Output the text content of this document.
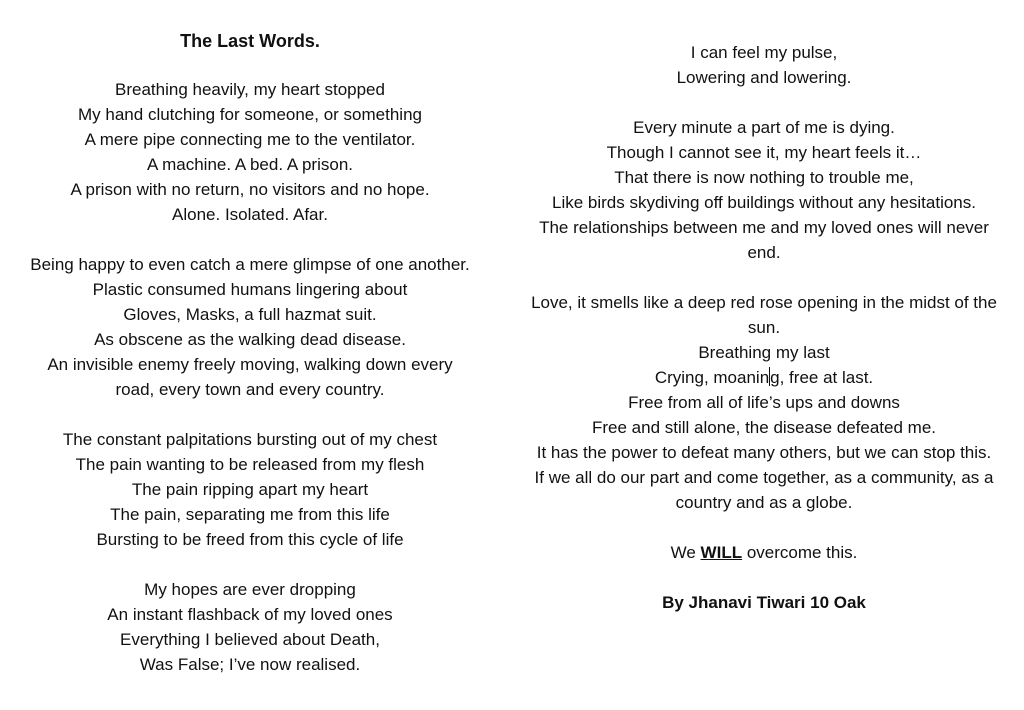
The Last Words.
Breathing heavily, my heart stopped
My hand clutching for someone, or something
A mere pipe connecting me to the ventilator.
A machine. A bed. A prison.
A prison with no return, no visitors and no hope.
Alone. Isolated. Afar.
Being happy to even catch a mere glimpse of one another.
Plastic consumed humans lingering about
Gloves, Masks, a full hazmat suit.
As obscene as the walking dead disease.
An invisible enemy freely moving, walking down every road, every town and every country.
The constant palpitations bursting out of my chest
The pain wanting to be released from my flesh
The pain ripping apart my heart
The pain, separating me from this life
Bursting to be freed from this cycle of life
My hopes are ever dropping
An instant flashback of my loved ones
Everything I believed about Death,
Was False; I’ve now realised.
I can feel my pulse,
Lowering and lowering.
Every minute a part of me is dying.
Though I cannot see it, my heart feels it…
That there is now nothing to trouble me,
Like birds skydiving off buildings without any hesitations.
The relationships between me and my loved ones will never end.
Love, it smells like a deep red rose opening in the midst of the sun.
Breathing my last
Crying, moaning, free at last.
Free from all of life’s ups and downs
Free and still alone, the disease defeated me.
It has the power to defeat many others, but we can stop this.
If we all do our part and come together, as a community, as a country and as a globe.
We WILL overcome this.
By Jhanavi Tiwari 10 Oak
